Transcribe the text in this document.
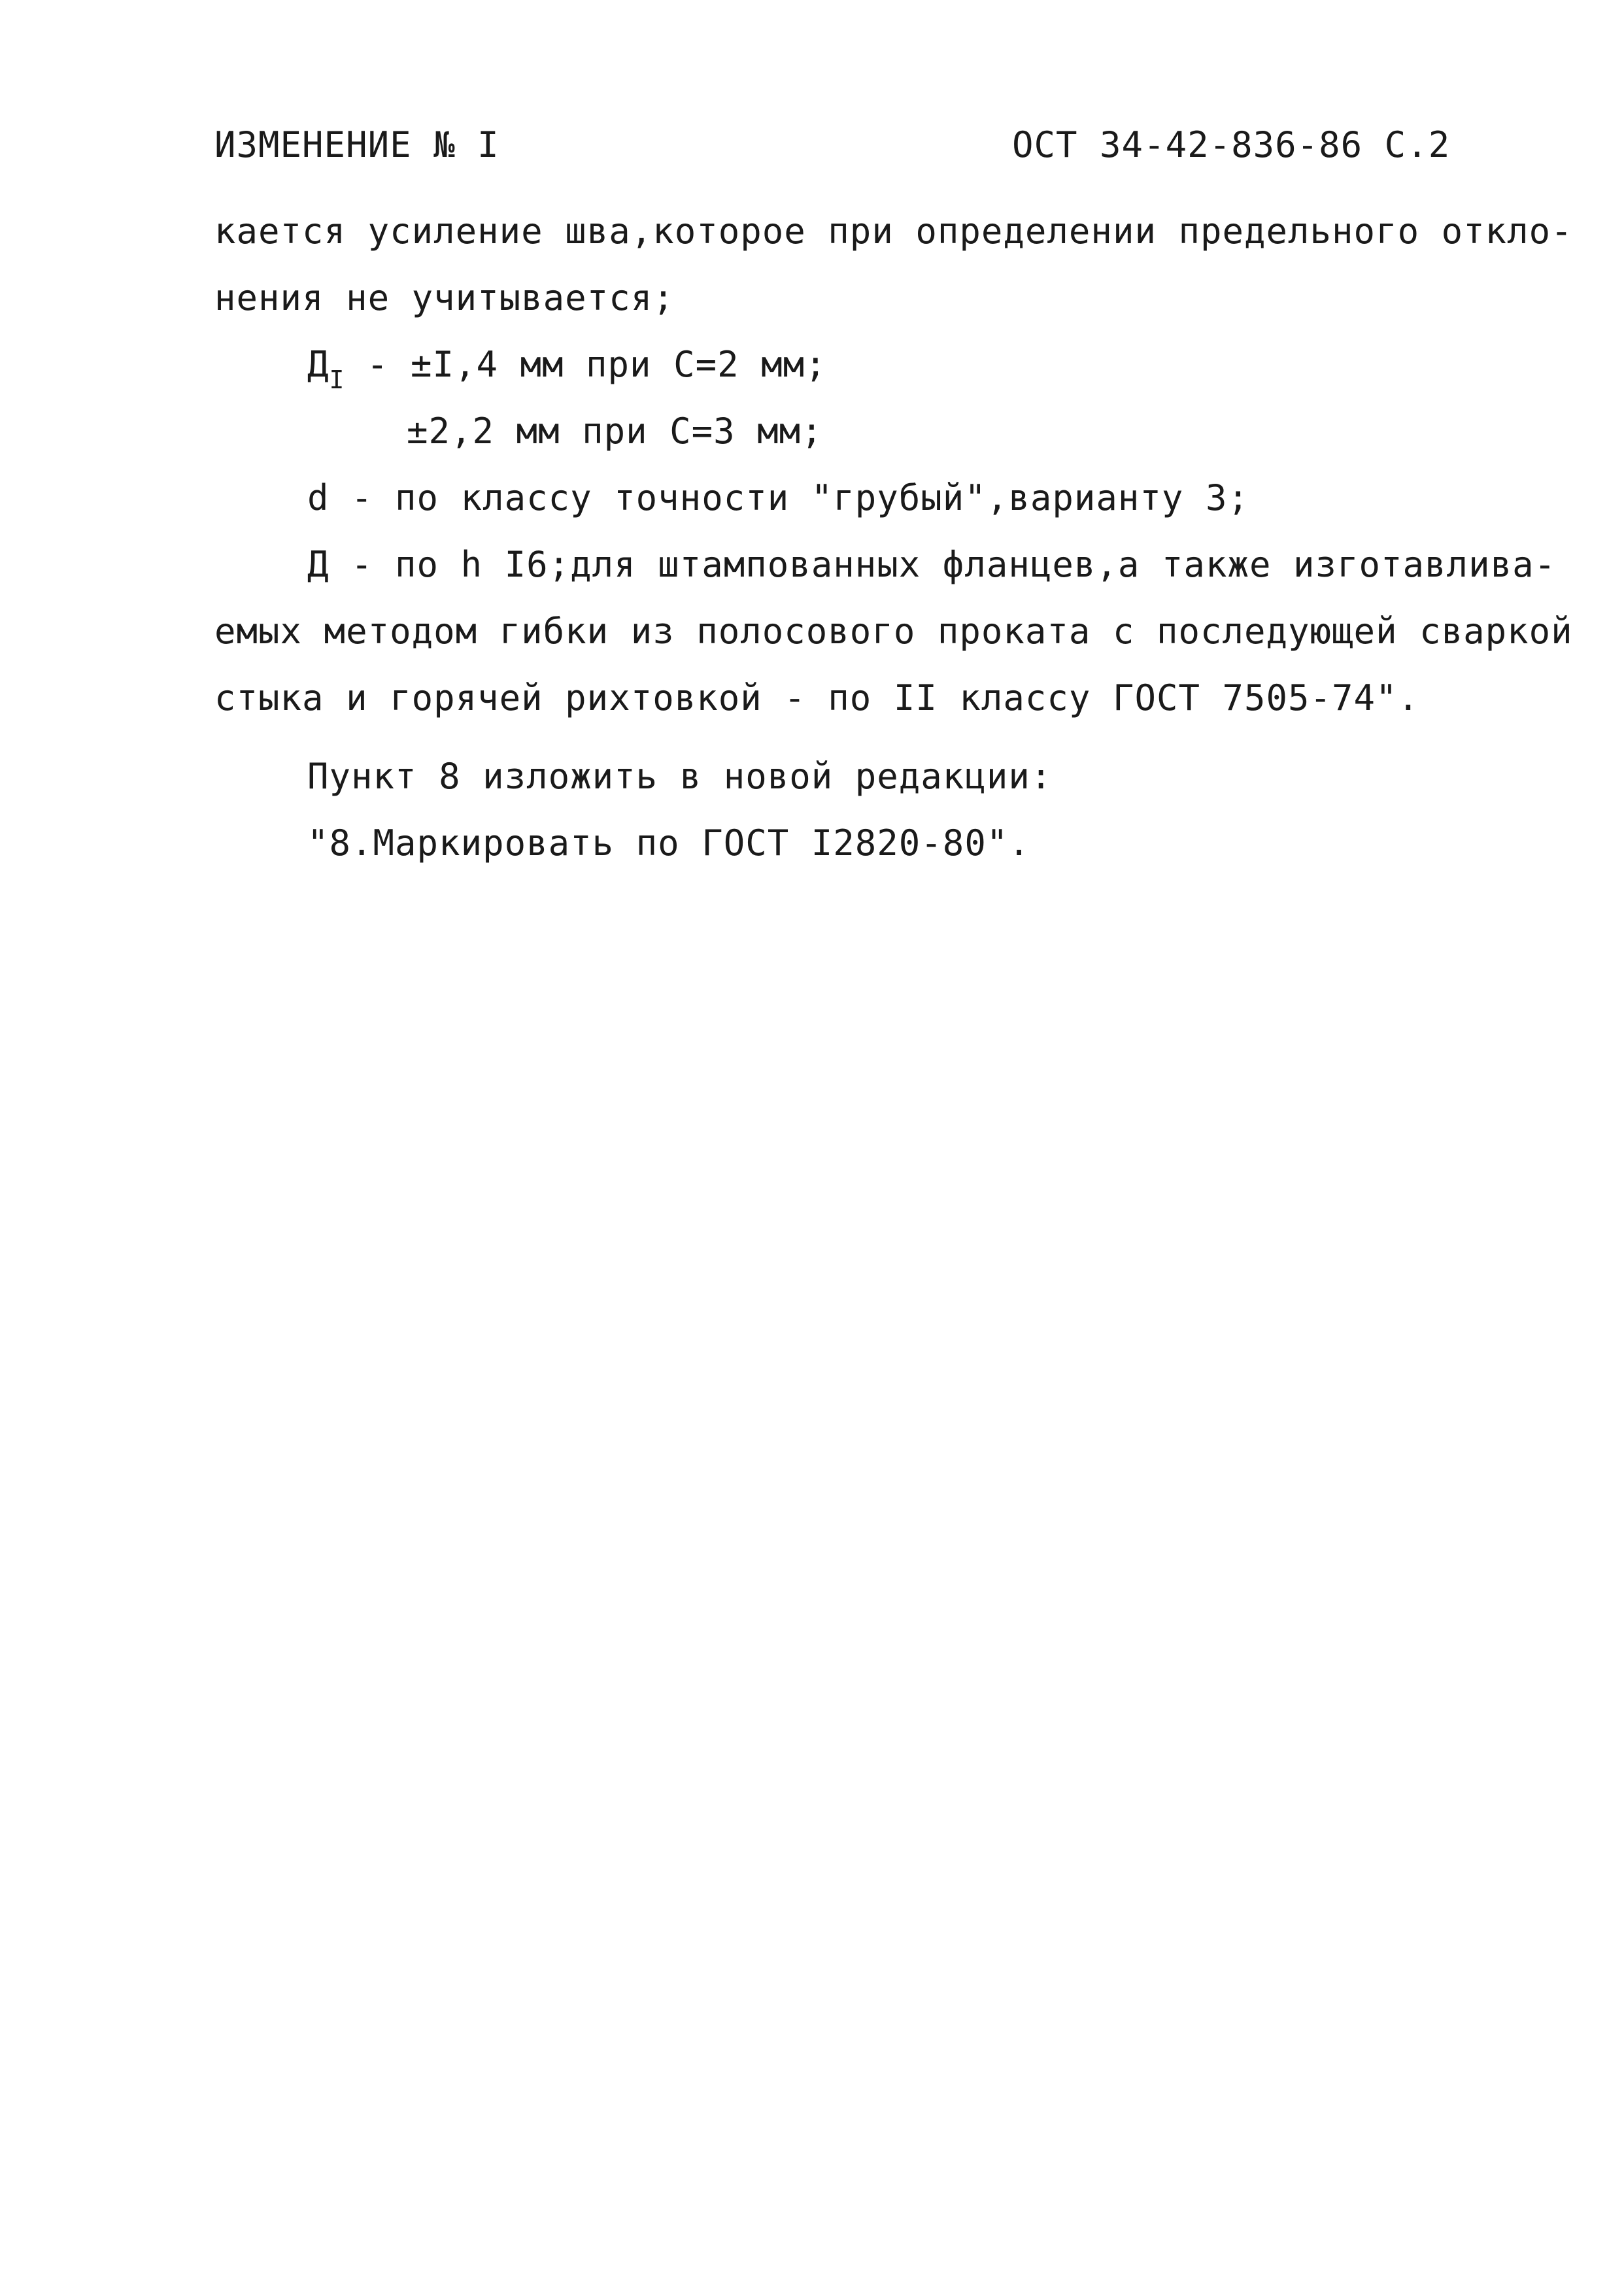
ИЗМЕНЕНИЕ № I	ОСТ 34-42-836-86 С.2
кается усиление шва,которое при определении предельного откло-
нения не учитывается;
$Д_I - \pm I,4$ мм при С=2 мм;
±2,2 мм при С=3 мм;
d - по классу точности "грубый",варианту 3;
Д - по h I6;для штампованных фланцев,а также изготавлива-
емых методом гибки из полосового проката с последующей сваркой
стыка и горячей рихтовкой - по II классу ГОСТ 7505-74".
Пункт 8 изложить в новой редакции:
"8.Маркировать по ГОСТ I2820-80".
